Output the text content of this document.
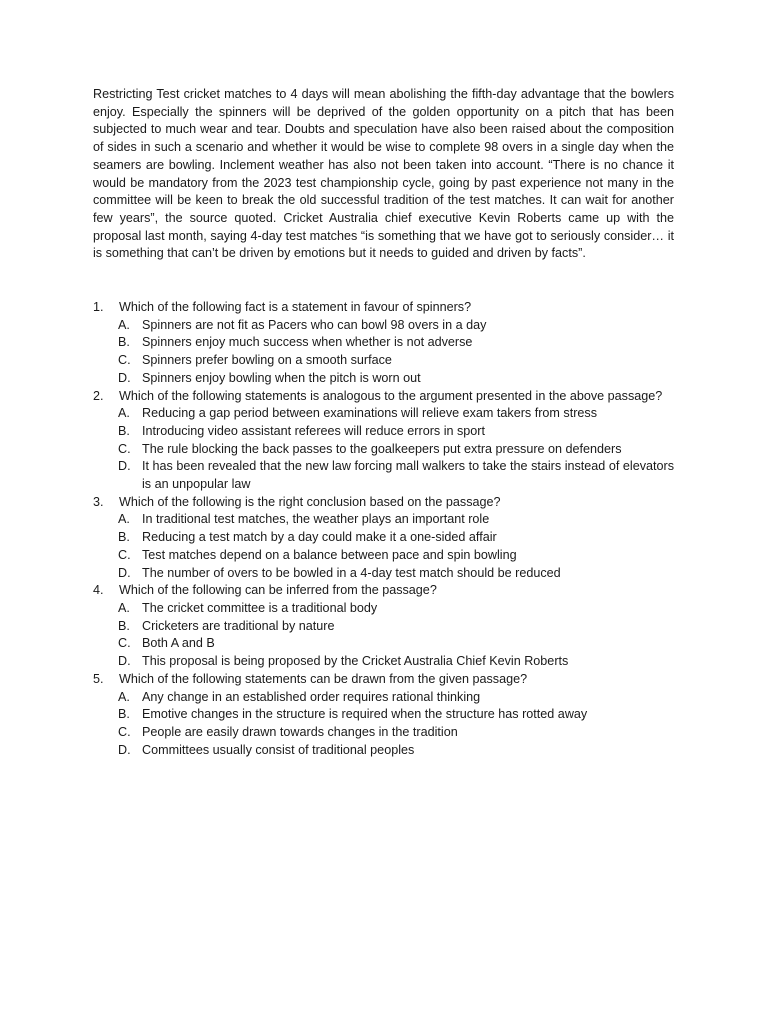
Restricting Test cricket matches to 4 days will mean abolishing the fifth-day advantage that the bowlers enjoy. Especially the spinners will be deprived of the golden opportunity on a pitch that has been subjected to much wear and tear. Doubts and speculation have also been raised about the composition of sides in such a scenario and whether it would be wise to complete 98 overs in a single day when the seamers are bowling. Inclement weather has also not been taken into account. “There is no chance it would be mandatory from the 2023 test championship cycle, going by past experience not many in the committee will be keen to break the old successful tradition of the test matches. It can wait for another few years”, the source quoted. Cricket Australia chief executive Kevin Roberts came up with the proposal last month, saying 4-day test matches “is something that we have got to seriously consider… it is something that can’t be driven by emotions but it needs to guided and driven by facts”.

1.	Which of the following fact is a statement in favour of spinners?
A. Spinners are not fit as Pacers who can bowl 98 overs in a day
B. Spinners enjoy much success when whether is not adverse
C. Spinners prefer bowling on a smooth surface
D. Spinners enjoy bowling when the pitch is worn out
2.	Which of the following statements is analogous to the argument presented in the above passage?
A. Reducing a gap period between examinations will relieve exam takers from stress
B. Introducing video assistant referees will reduce errors in sport
C. The rule blocking the back passes to the goalkeepers put extra pressure on defenders
D. It has been revealed that the new law forcing mall walkers to take the stairs instead of elevators is an unpopular law
3.	Which of the following is the right conclusion based on the passage?
A. In traditional test matches, the weather plays an important role
B. Reducing a test match by a day could make it a one-sided affair
C. Test matches depend on a balance between pace and spin bowling
D. The number of overs to be bowled in a 4-day test match should be reduced
4.	Which of the following can be inferred from the passage?
A. The cricket committee is a traditional body
B. Cricketers are traditional by nature
C. Both A and B
D. This proposal is being proposed by the Cricket Australia Chief Kevin Roberts
5.	Which of the following statements can be drawn from the given passage?
A. Any change in an established order requires rational thinking
B. Emotive changes in the structure is required when the structure has rotted away
C. People are easily drawn towards changes in the tradition
D. Committees usually consist of traditional peoples
